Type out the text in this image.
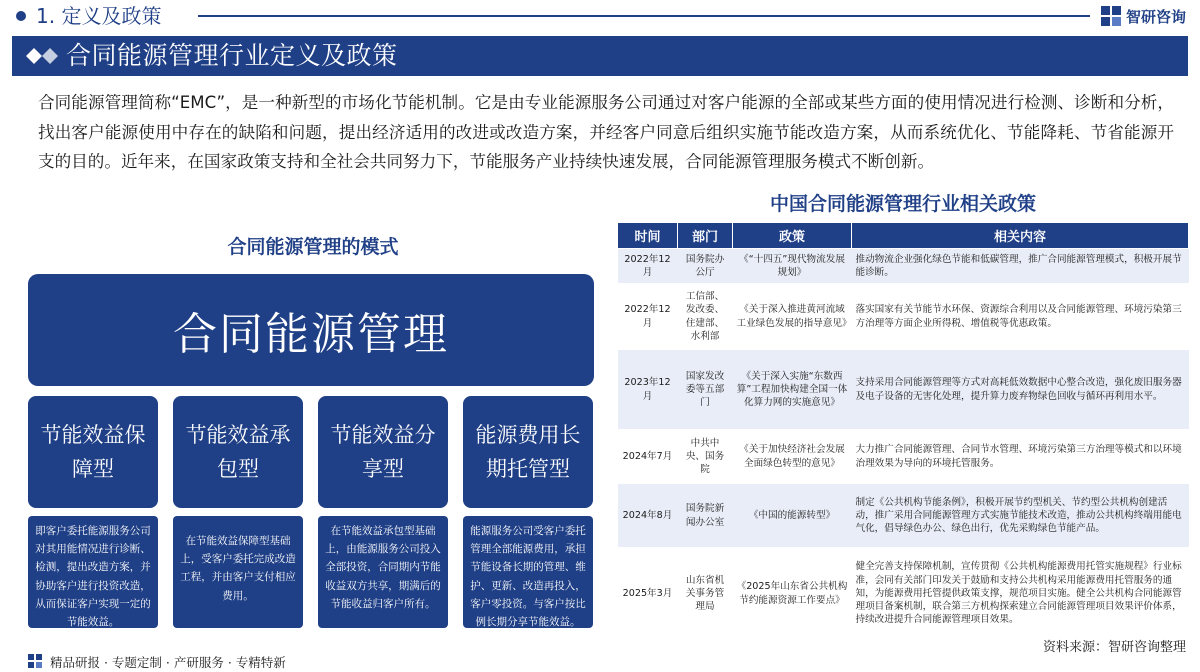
1. 定义及政策	智研咨询
合同能源管理行业定义及政策

合同能源管理简称“EMC”，是一种新型的市场化节能机制。它是由专业能源服务公司通过对客户能源的全部或某些方面的使用情况进行检测、诊断和分析，找出客户能源使用中存在的缺陷和问题，提出经济适用的改进或改造方案，并经客户同意后组织实施节能改造方案，从而系统优化、节能降耗、节省能源开支的目的。近年来，在国家政策支持和全社会共同努力下，节能服务产业持续快速发展，合同能源管理服务模式不断创新。

合同能源管理的模式
合同能源管理
节能效益保障型
即客户委托能源服务公司对其用能情况进行诊断、检测，提出改造方案，并协助客户进行投资改造，从而保证客户实现一定的节能效益。
节能效益承包型
在节能效益保障型基础上，受客户委托完成改造工程，并由客户支付相应费用。
节能效益分享型
在节能效益承包型基础上，由能源服务公司投入全部投资，合同期内节能收益双方共享，期满后的节能收益归客户所有。
能源费用长期托管型
能源服务公司受客户委托管理全部能源费用，承担节能设备长期的管理、维护、更新、改造再投入，客户零投资。与客户按比例长期分享节能效益。
中国合同能源管理行业相关政策
时间	部门	政策	相关内容
2022年12月	国务院办公厅	《“十四五”现代物流发展规划》	推动物流企业强化绿色节能和低碳管理，推广合同能源管理模式，积极开展节能诊断。
2022年12月	工信部、发改委、住建部、水利部	《关于深入推进黄河流域工业绿色发展的指导意见》	落实国家有关节能节水环保、资源综合利用以及合同能源管理、环境污染第三方治理等方面企业所得税、增值税等优惠政策。
2023年12月	国家发改委等五部门	《关于深入实施“东数西算”工程加快构建全国一体化算力网的实施意见》	支持采用合同能源管理等方式对高耗低效数据中心整合改造，强化废旧服务器及电子设备的无害化处理，提升算力废弃物绿色回收与循环再利用水平。
2024年7月	中共中央、国务院	《关于加快经济社会发展全面绿色转型的意见》	大力推广合同能源管理、合同节水管理、环境污染第三方治理等模式和以环境治理效果为导向的环境托管服务。
2024年8月	国务院新闻办公室	《中国的能源转型》	制定《公共机构节能条例》，积极开展节约型机关、节约型公共机构创建活动，推广采用合同能源管理方式实施节能技术改造，推动公共机构终端用能电气化，倡导绿色办公、绿色出行，优先采购绿色节能产品。
2025年3月	山东省机关事务管理局	《2025年山东省公共机构节约能源资源工作要点》	健全完善支持保障机制，宣传贯彻《公共机构能源费用托管实施规程》行业标准，会同有关部门印发关于鼓励和支持公共机构采用能源费用托管服务的通知，为能源费用托管提供政策支撑，规范项目实施。健全公共机构合同能源管理项目备案机制，联合第三方机构探索建立合同能源管理项目效果评价体系，持续改进提升合同能源管理项目效果。
资料来源：智研咨询整理
精品研报 · 专题定制 · 产研服务 · 专精特新
